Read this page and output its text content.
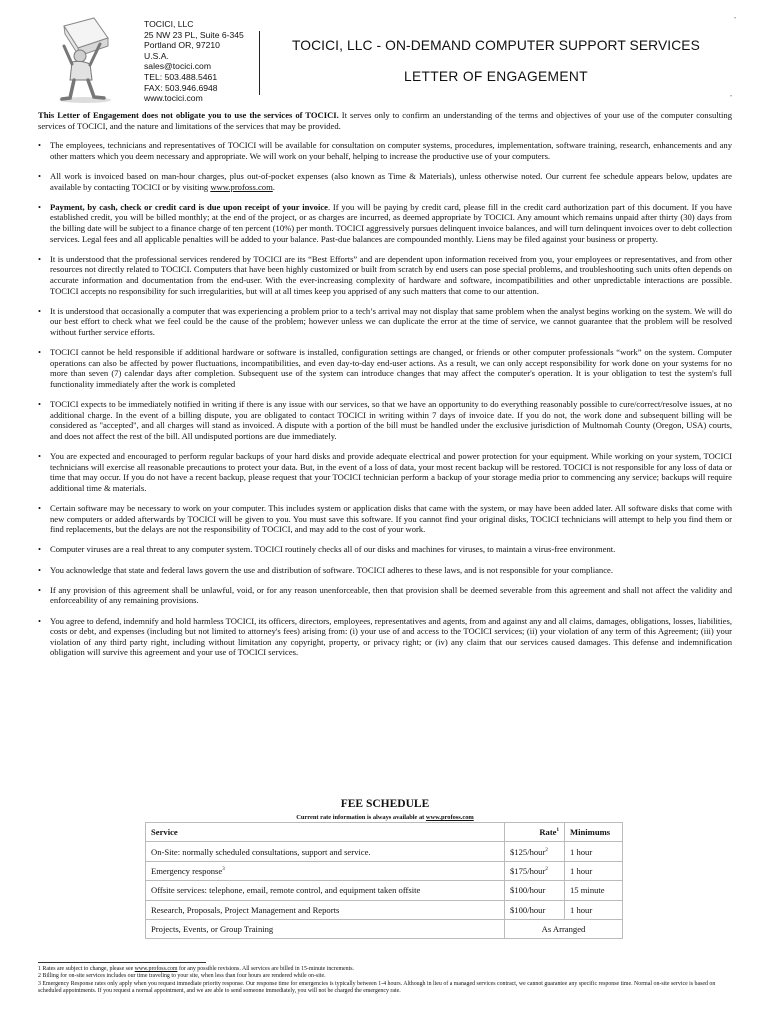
TOCICI, LLC
25 NW 23 PL, Suite 6-345
Portland OR, 97210
U.S.A.
sales@tocici.com
TEL: 503.488.5461
FAX: 503.946.6948
www.tocici.com
TOCICI, LLC - ON-DEMAND COMPUTER SUPPORT SERVICES
LETTER OF ENGAGEMENT
•
•

This Letter of Engagement does not obligate you to use the services of TOCICI. It serves only to confirm an understanding of the terms and objectives of your use of the computer consulting services of TOCICI, and the nature and limitations of the services that may be provided.

• The employees, technicians and representatives of TOCICI will be available for consultation on computer systems, procedures, implementation, software training, research, enhancements and any other matters which you deem necessary and appropriate. We will work on your behalf, helping to increase the productive use of your computers.
• All work is invoiced based on man-hour charges, plus out-of-pocket expenses (also known as Time & Materials), unless otherwise noted. Our current fee schedule appears below, updates are available by contacting TOCICI or by visiting www.profoss.com.
• Payment, by cash, check or credit card is due upon receipt of your invoice. If you will be paying by credit card, please fill in the credit card authorization part of this document. If you have established credit, you will be billed monthly; at the end of the project, or as charges are incurred, as deemed appropriate by TOCICI. Any amount which remains unpaid after thirty (30) days from the billing date will be subject to a finance charge of ten percent (10%) per month. TOCICI aggressively pursues delinquent invoice balances, and will turn delinquent invoices over to debt collection services. Legal fees and all applicable penalties will be added to your balance. Past-due balances are compounded monthly. Liens may be filed against your business or property.
• It is understood that the professional services rendered by TOCICI are its “Best Efforts” and are dependent upon information received from you, your employees or representatives, and from other resources not directly related to TOCICI. Computers that have been highly customized or built from scratch by end users can pose special problems, and troubleshooting such units often depends on accurate information and documentation from the end-user. With the ever-increasing complexity of hardware and software, incompatibilities and other unpredictable interactions are possible. TOCICI accepts no responsibility for such irregularities, but will at all times keep you apprised of any such matters that come to our attention.
• It is understood that occasionally a computer that was experiencing a problem prior to a tech’s arrival may not display that same problem when the analyst begins working on the system. We will do our best effort to check what we feel could be the cause of the problem; however unless we can duplicate the error at the time of service, we cannot guarantee that the problem will be resolved without further service efforts.
• TOCICI cannot be held responsible if additional hardware or software is installed, configuration settings are changed, or friends or other computer professionals “work” on the system. Computer operations can also be affected by power fluctuations, incompatibilities, and even day-to-day end-user actions. As a result, we can only accept responsibility for work done on your systems for no more than seven (7) calendar days after completion. Subsequent use of the system can introduce changes that may affect the computer's operation. It is your obligation to test the system's full functionality immediately after the work is completed
• TOCICI expects to be immediately notified in writing if there is any issue with our services, so that we have an opportunity to do everything reasonably possible to cure/correct/resolve issues, at no additional charge. In the event of a billing dispute, you are obligated to contact TOCICI in writing within 7 days of invoice date. If you do not, the work done and subsequent billing will be considered as "accepted", and all charges will stand as invoiced. A dispute with a portion of the bill must be handled under the exclusive jurisdiction of Multnomah County (Oregon, USA) courts, and does not affect the rest of the bill. All undisputed portions are due immediately.
• You are expected and encouraged to perform regular backups of your hard disks and provide adequate electrical and power protection for your equipment. While working on your system, TOCICI technicians will exercise all reasonable precautions to protect your data. But, in the event of a loss of data, your most recent backup will be restored. TOCICI is not responsible for any loss of data or time that may occur. If you do not have a recent backup, please request that your TOCICI technician perform a backup of your storage media prior to commencing any service; backups will require additional time & materials.
• Certain software may be necessary to work on your computer. This includes system or application disks that came with the system, or may have been added later. All software disks that come with new computers or added afterwards by TOCICI will be given to you. You must save this software. If you cannot find your original disks, TOCICI technicians will attempt to help you find them or find replacements, but the delays are not the responsibility of TOCICI, and may add to the cost of your work.
• Computer viruses are a real threat to any computer system. TOCICI routinely checks all of our disks and machines for viruses, to maintain a virus-free environment.
• You acknowledge that state and federal laws govern the use and distribution of software. TOCICI adheres to these laws, and is not responsible for your compliance.
• If any provision of this agreement shall be unlawful, void, or for any reason unenforceable, then that provision shall be deemed severable from this agreement and shall not affect the validity and enforceability of any remaining provisions.
• You agree to defend, indemnify and hold harmless TOCICI, its officers, directors, employees, representatives and agents, from and against any and all claims, damages, obligations, losses, liabilities, costs or debt, and expenses (including but not limited to attorney's fees) arising from: (i) your use of and access to the TOCICI services; (ii) your violation of any term of this Agreement; (iii) your violation of any third party right, including without limitation any copyright, property, or privacy right; or (iv) any claim that our services caused damages. This defense and indemnification obligation will survive this agreement and your use of TOCICI services.
FEE SCHEDULE
Current rate information is always available at www.profoss.com
Service	Rate$^1$	Minimums
On-Site: normally scheduled consultations, support and service.	$125/hour$^2$	1 hour
Emergency response$^3$	$175/hour$^2$	1 hour
Offsite services: telephone, email, remote control, and equipment taken offsite	$100/hour	15 minute
Research, Proposals, Project Management and Reports	$100/hour	1 hour
Projects, Events, or Group Training	As Arranged	
1 Rates are subject to change, please see www.profoss.com for any possible revisions. All services are billed in 15-minute increments.
2 Billing for on-site services includes our time traveling to your site, when less than four hours are rendered while on-site.
3 Emergency Response rates only apply when you request immediate priority response. Our response time for emergencies is typically between 1-4 hours. Although in lieu of a managed services contract, we cannot guarantee any specific response time. Normal on-site service is based on scheduled appointments. If you request a normal appointment, and we are able to send someone immediately, you will not be charged the emergency rate.
